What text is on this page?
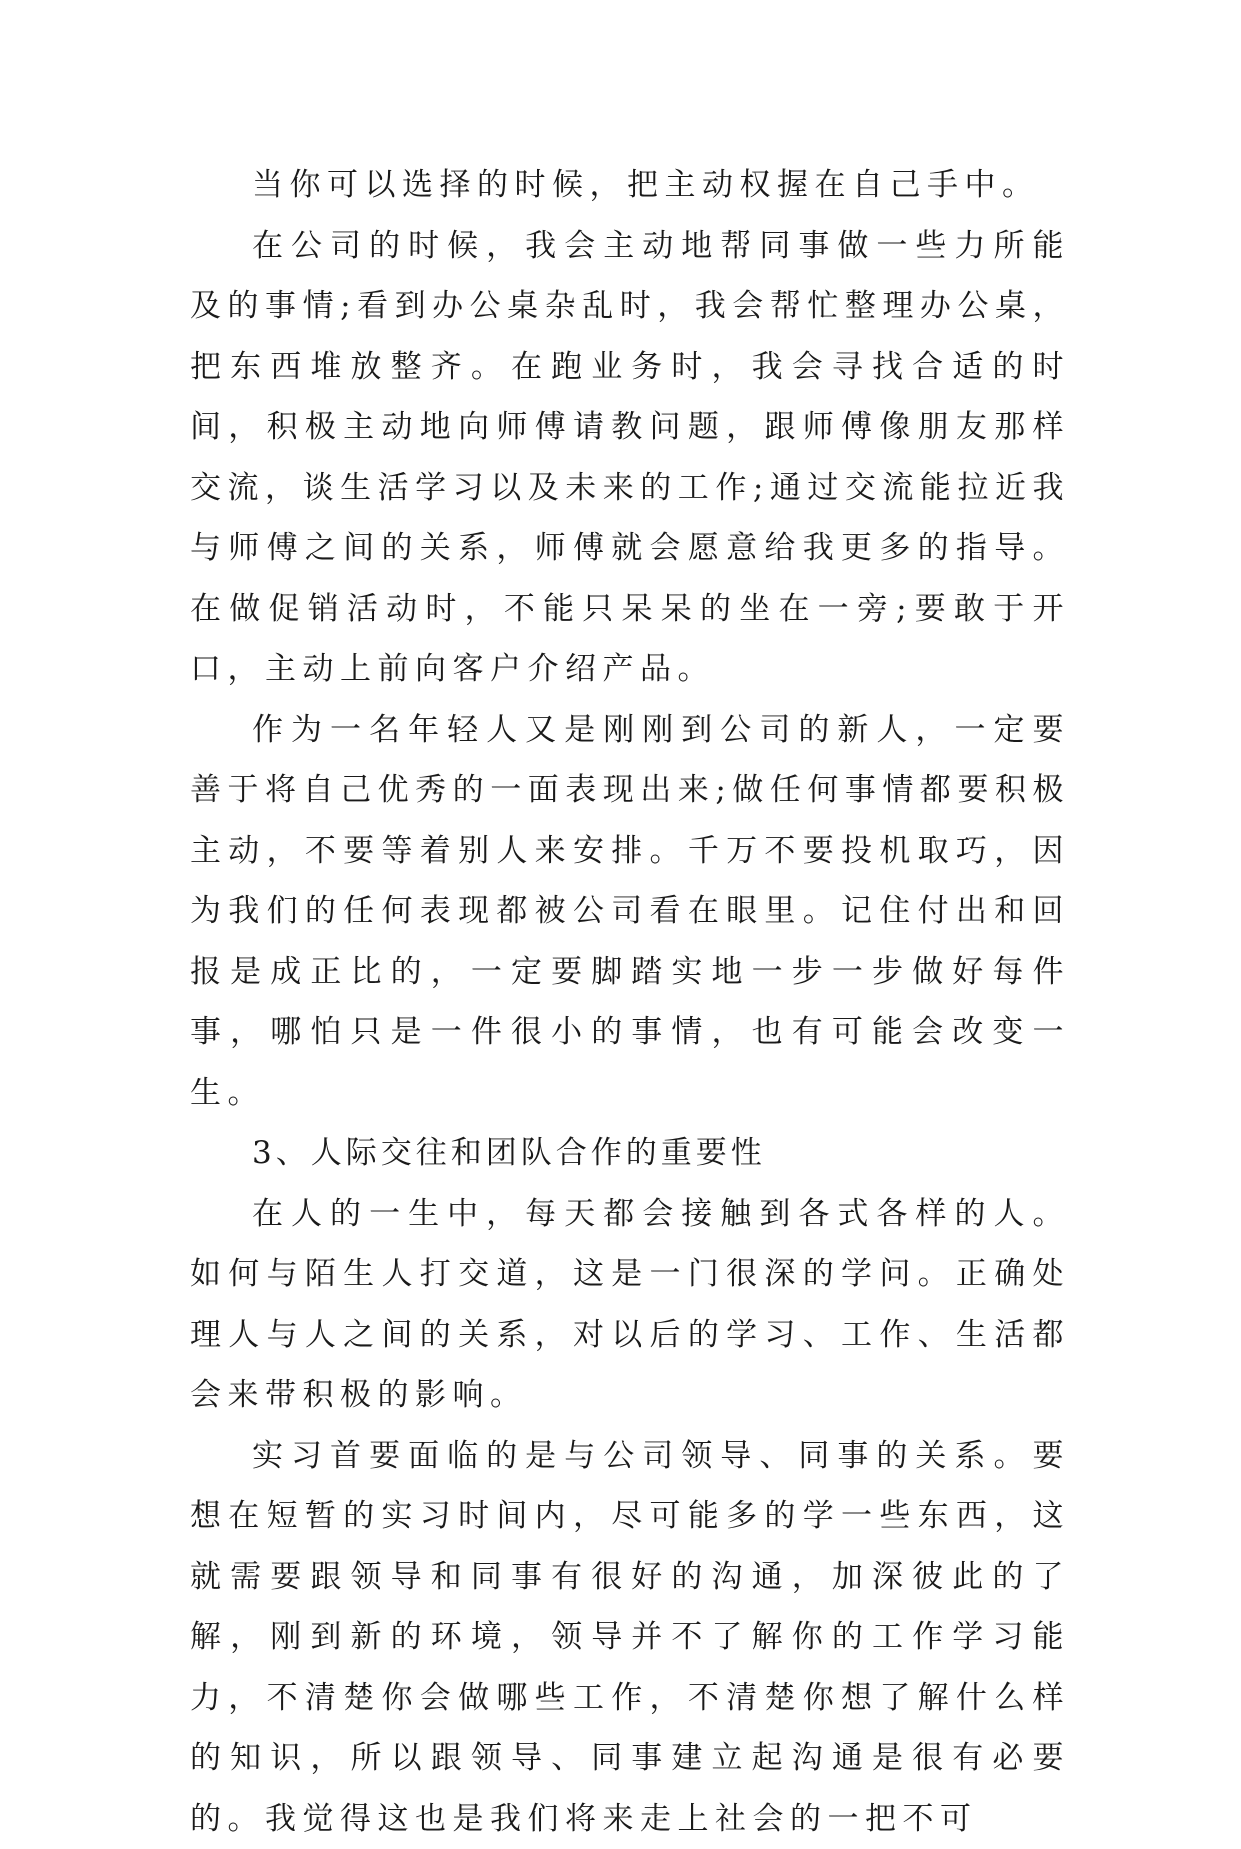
当你可以选择的时候，把主动权握在自己手中。

在公司的时候，我会主动地帮同事做一些力所能及的事情;看到办公桌杂乱时，我会帮忙整理办公桌，把东西堆放整齐。在跑业务时，我会寻找合适的时间，积极主动地向师傅请教问题，跟师傅像朋友那样交流，谈生活学习以及未来的工作;通过交流能拉近我与师傅之间的关系，师傅就会愿意给我更多的指导。 在做促销活动时，不能只呆呆的坐在一旁;要敢于开口，主动上前向客户介绍产品。

作为一名年轻人又是刚刚到公司的新人，一定要善于将自己优秀的一面表现出来;做任何事情都要积极主动，不要等着别人来安排。千万不要投机取巧，因为我们的任何表现都被公司看在眼里。记住付出和回报是成正比的，一定要脚踏实地一步一步做好每件事，哪怕只是一件很小的事情，也有可能会改变一生。

3、人际交往和团队合作的重要性

在人的一生中，每天都会接触到各式各样的人。如何与陌生人打交道，这是一门很深的学问。正确处理人与人之间的关系，对以后的学习、工作、生活都会来带积极的影响。

实习首要面临的是与公司领导、同事的关系。要想在短暂的实习时间内，尽可能多的学一些东西，这就需要跟领导和同事有很好的沟通，加深彼此的了解，刚到新的环境，领导并不了解你的工作学习能力，不清楚你会做哪些工作，不清楚你想了解什么样的知识，所以跟领导、同事建立起沟通是很有必要的。我觉得这也是我们将来走上社会的一把不可
